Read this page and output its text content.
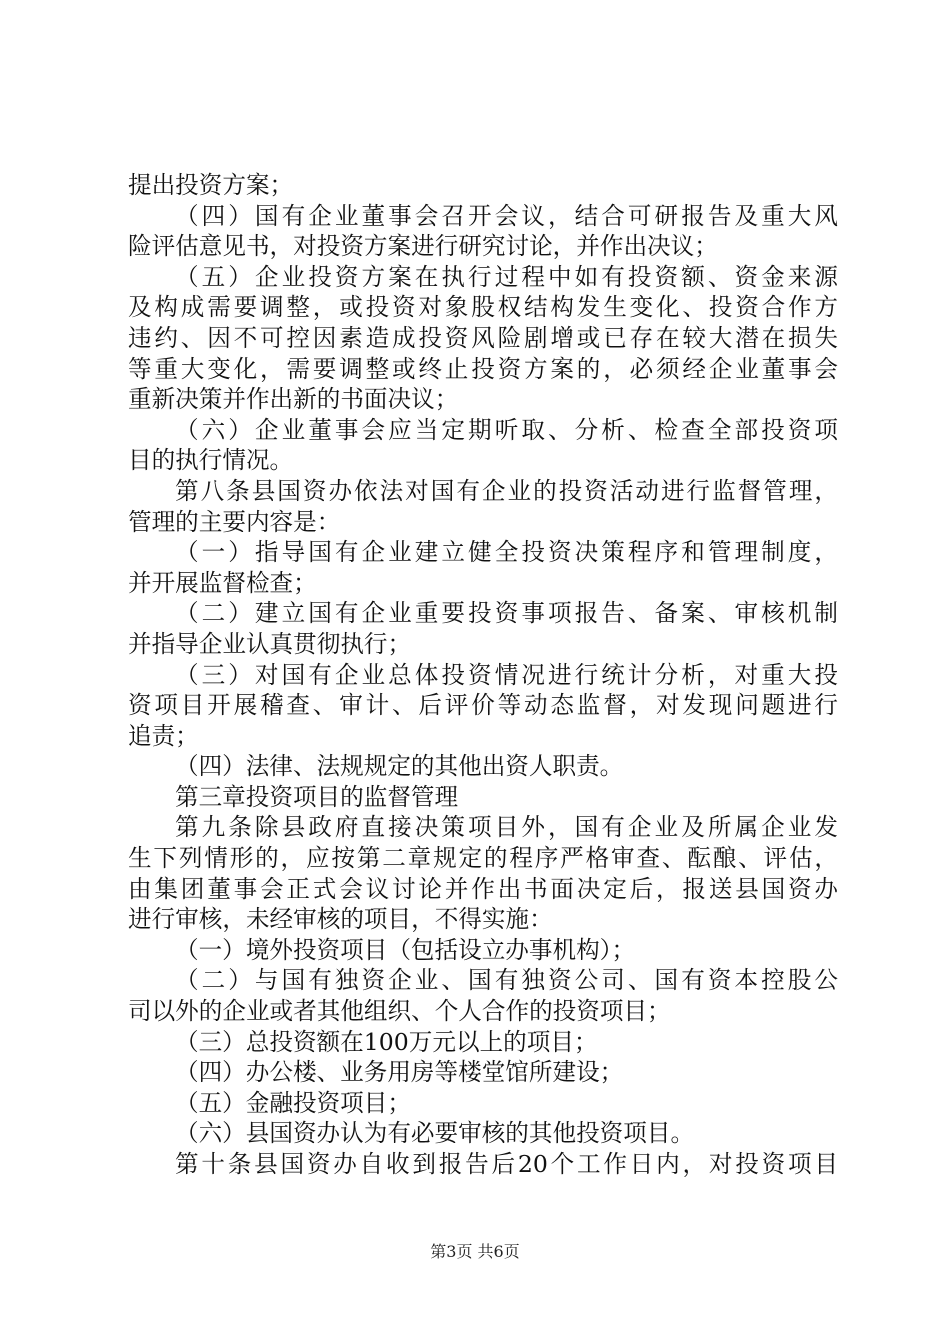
提出投资方案；
（四）国有企业董事会召开会议，结合可研报告及重大风
险评估意见书，对投资方案进行研究讨论，并作出决议；
（五）企业投资方案在执行过程中如有投资额、资金来源
及构成需要调整，或投资对象股权结构发生变化、投资合作方
违约、因不可控因素造成投资风险剧增或已存在较大潜在损失
等重大变化，需要调整或终止投资方案的，必须经企业董事会
重新决策并作出新的书面决议；
（六）企业董事会应当定期听取、分析、检查全部投资项
目的执行情况。
第八条县国资办依法对国有企业的投资活动进行监督管理，
管理的主要内容是：
（一）指导国有企业建立健全投资决策程序和管理制度，
并开展监督检查；
（二）建立国有企业重要投资事项报告、备案、审核机制
并指导企业认真贯彻执行；
（三）对国有企业总体投资情况进行统计分析，对重大投
资项目开展稽查、审计、后评价等动态监督，对发现问题进行
追责；
（四）法律、法规规定的其他出资人职责。
第三章投资项目的监督管理
第九条除县政府直接决策项目外，国有企业及所属企业发
生下列情形的，应按第二章规定的程序严格审查、酝酿、评估，
由集团董事会正式会议讨论并作出书面决定后，报送县国资办
进行审核，未经审核的项目，不得实施：
（一）境外投资项目（包括设立办事机构）；
（二）与国有独资企业、国有独资公司、国有资本控股公
司以外的企业或者其他组织、个人合作的投资项目；
（三）总投资额在100万元以上的项目；
（四）办公楼、业务用房等楼堂馆所建设；
（五）金融投资项目；
（六）县国资办认为有必要审核的其他投资项目。
第十条县国资办自收到报告后20个工作日内，对投资项目
第3页 共6页
